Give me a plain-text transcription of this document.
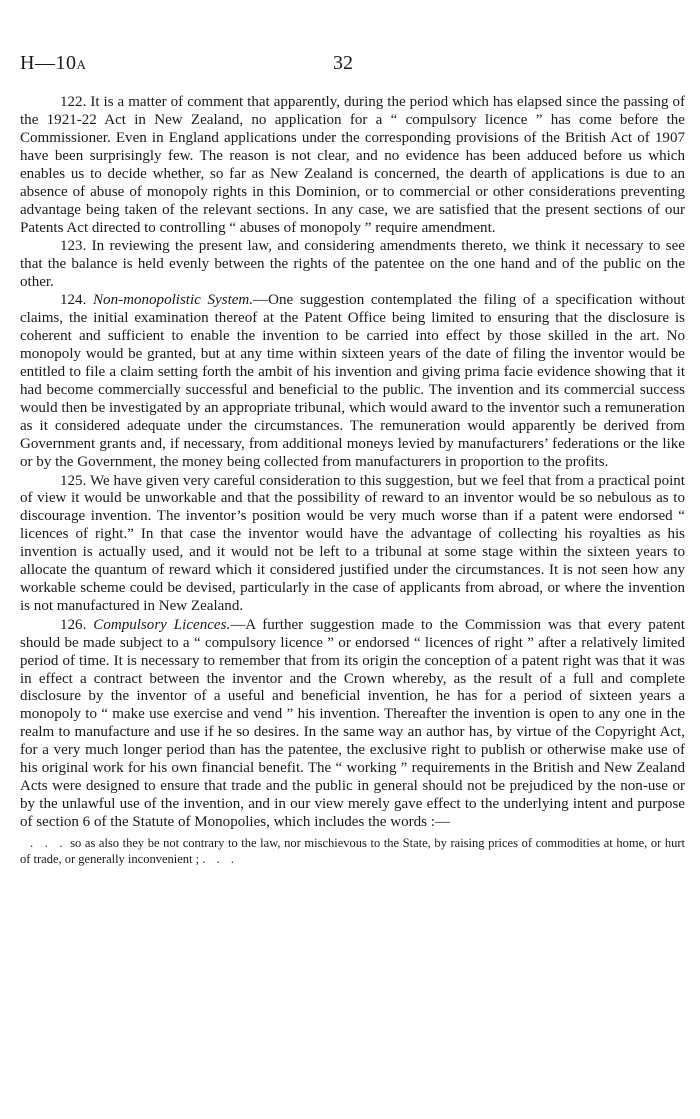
H—10A	32

122. It is a matter of comment that apparently, during the period which has elapsed since the passing of the 1921-22 Act in New Zealand, no application for a “ compulsory licence ” has come before the Commissioner. Even in England applications under the corresponding provisions of the British Act of 1907 have been surprisingly few. The reason is not clear, and no evidence has been adduced before us which enables us to decide whether, so far as New Zealand is concerned, the dearth of applications is due to an absence of abuse of monopoly rights in this Dominion, or to commercial or other considerations preventing advantage being taken of the relevant sections. In any case, we are satisfied that the present sections of our Patents Act directed to controlling “ abuses of monopoly ” require amendment.

123. In reviewing the present law, and considering amendments thereto, we think it necessary to see that the balance is held evenly between the rights of the patentee on the one hand and of the public on the other.

124. Non-monopolistic System.—One suggestion contemplated the filing of a specification without claims, the initial examination thereof at the Patent Office being limited to ensuring that the disclosure is coherent and sufficient to enable the invention to be carried into effect by those skilled in the art. No monopoly would be granted, but at any time within sixteen years of the date of filing the inventor would be entitled to file a claim setting forth the ambit of his invention and giving prima facie evidence showing that it had become commercially successful and beneficial to the public. The invention and its commercial success would then be investigated by an appropriate tribunal, which would award to the inventor such a remuneration as it considered adequate under the circumstances. The remuneration would apparently be derived from Government grants and, if necessary, from additional moneys levied by manufacturers’ federations or the like or by the Government, the money being collected from manufacturers in proportion to the profits.

125. We have given very careful consideration to this suggestion, but we feel that from a practical point of view it would be unworkable and that the possibility of reward to an inventor would be so nebulous as to discourage invention. The inventor’s position would be very much worse than if a patent were endorsed “ licences of right.” In that case the inventor would have the advantage of collecting his royalties as his invention is actually used, and it would not be left to a tribunal at some stage within the sixteen years to allocate the quantum of reward which it considered justified under the circumstances. It is not seen how any workable scheme could be devised, particularly in the case of applicants from abroad, or where the invention is not manufactured in New Zealand.

126. Compulsory Licences.—A further suggestion made to the Commission was that every patent should be made subject to a “ compulsory licence ” or endorsed “ licences of right ” after a relatively limited period of time. It is necessary to remember that from its origin the conception of a patent right was that it was in effect a contract between the inventor and the Crown whereby, as the result of a full and complete disclosure by the inventor of a useful and beneficial invention, he has for a period of sixteen years a monopoly to “ make use exercise and vend ” his invention. Thereafter the invention is open to any one in the realm to manufacture and use if he so desires. In the same way an author has, by virtue of the Copyright Act, for a very much longer period than has the patentee, the exclusive right to publish or otherwise make use of his original work for his own financial benefit. The “ working ” requirements in the British and New Zealand Acts were designed to ensure that trade and the public in general should not be prejudiced by the non-use or by the unlawful use of the invention, and in our view merely gave effect to the underlying intent and purpose of section 6 of the Statute of Monopolies, which includes the words :—

. . . so as also they be not contrary to the law, nor mischievous to the State, by raising prices of commodities at home, or hurt of trade, or generally inconvenient ; . . .
